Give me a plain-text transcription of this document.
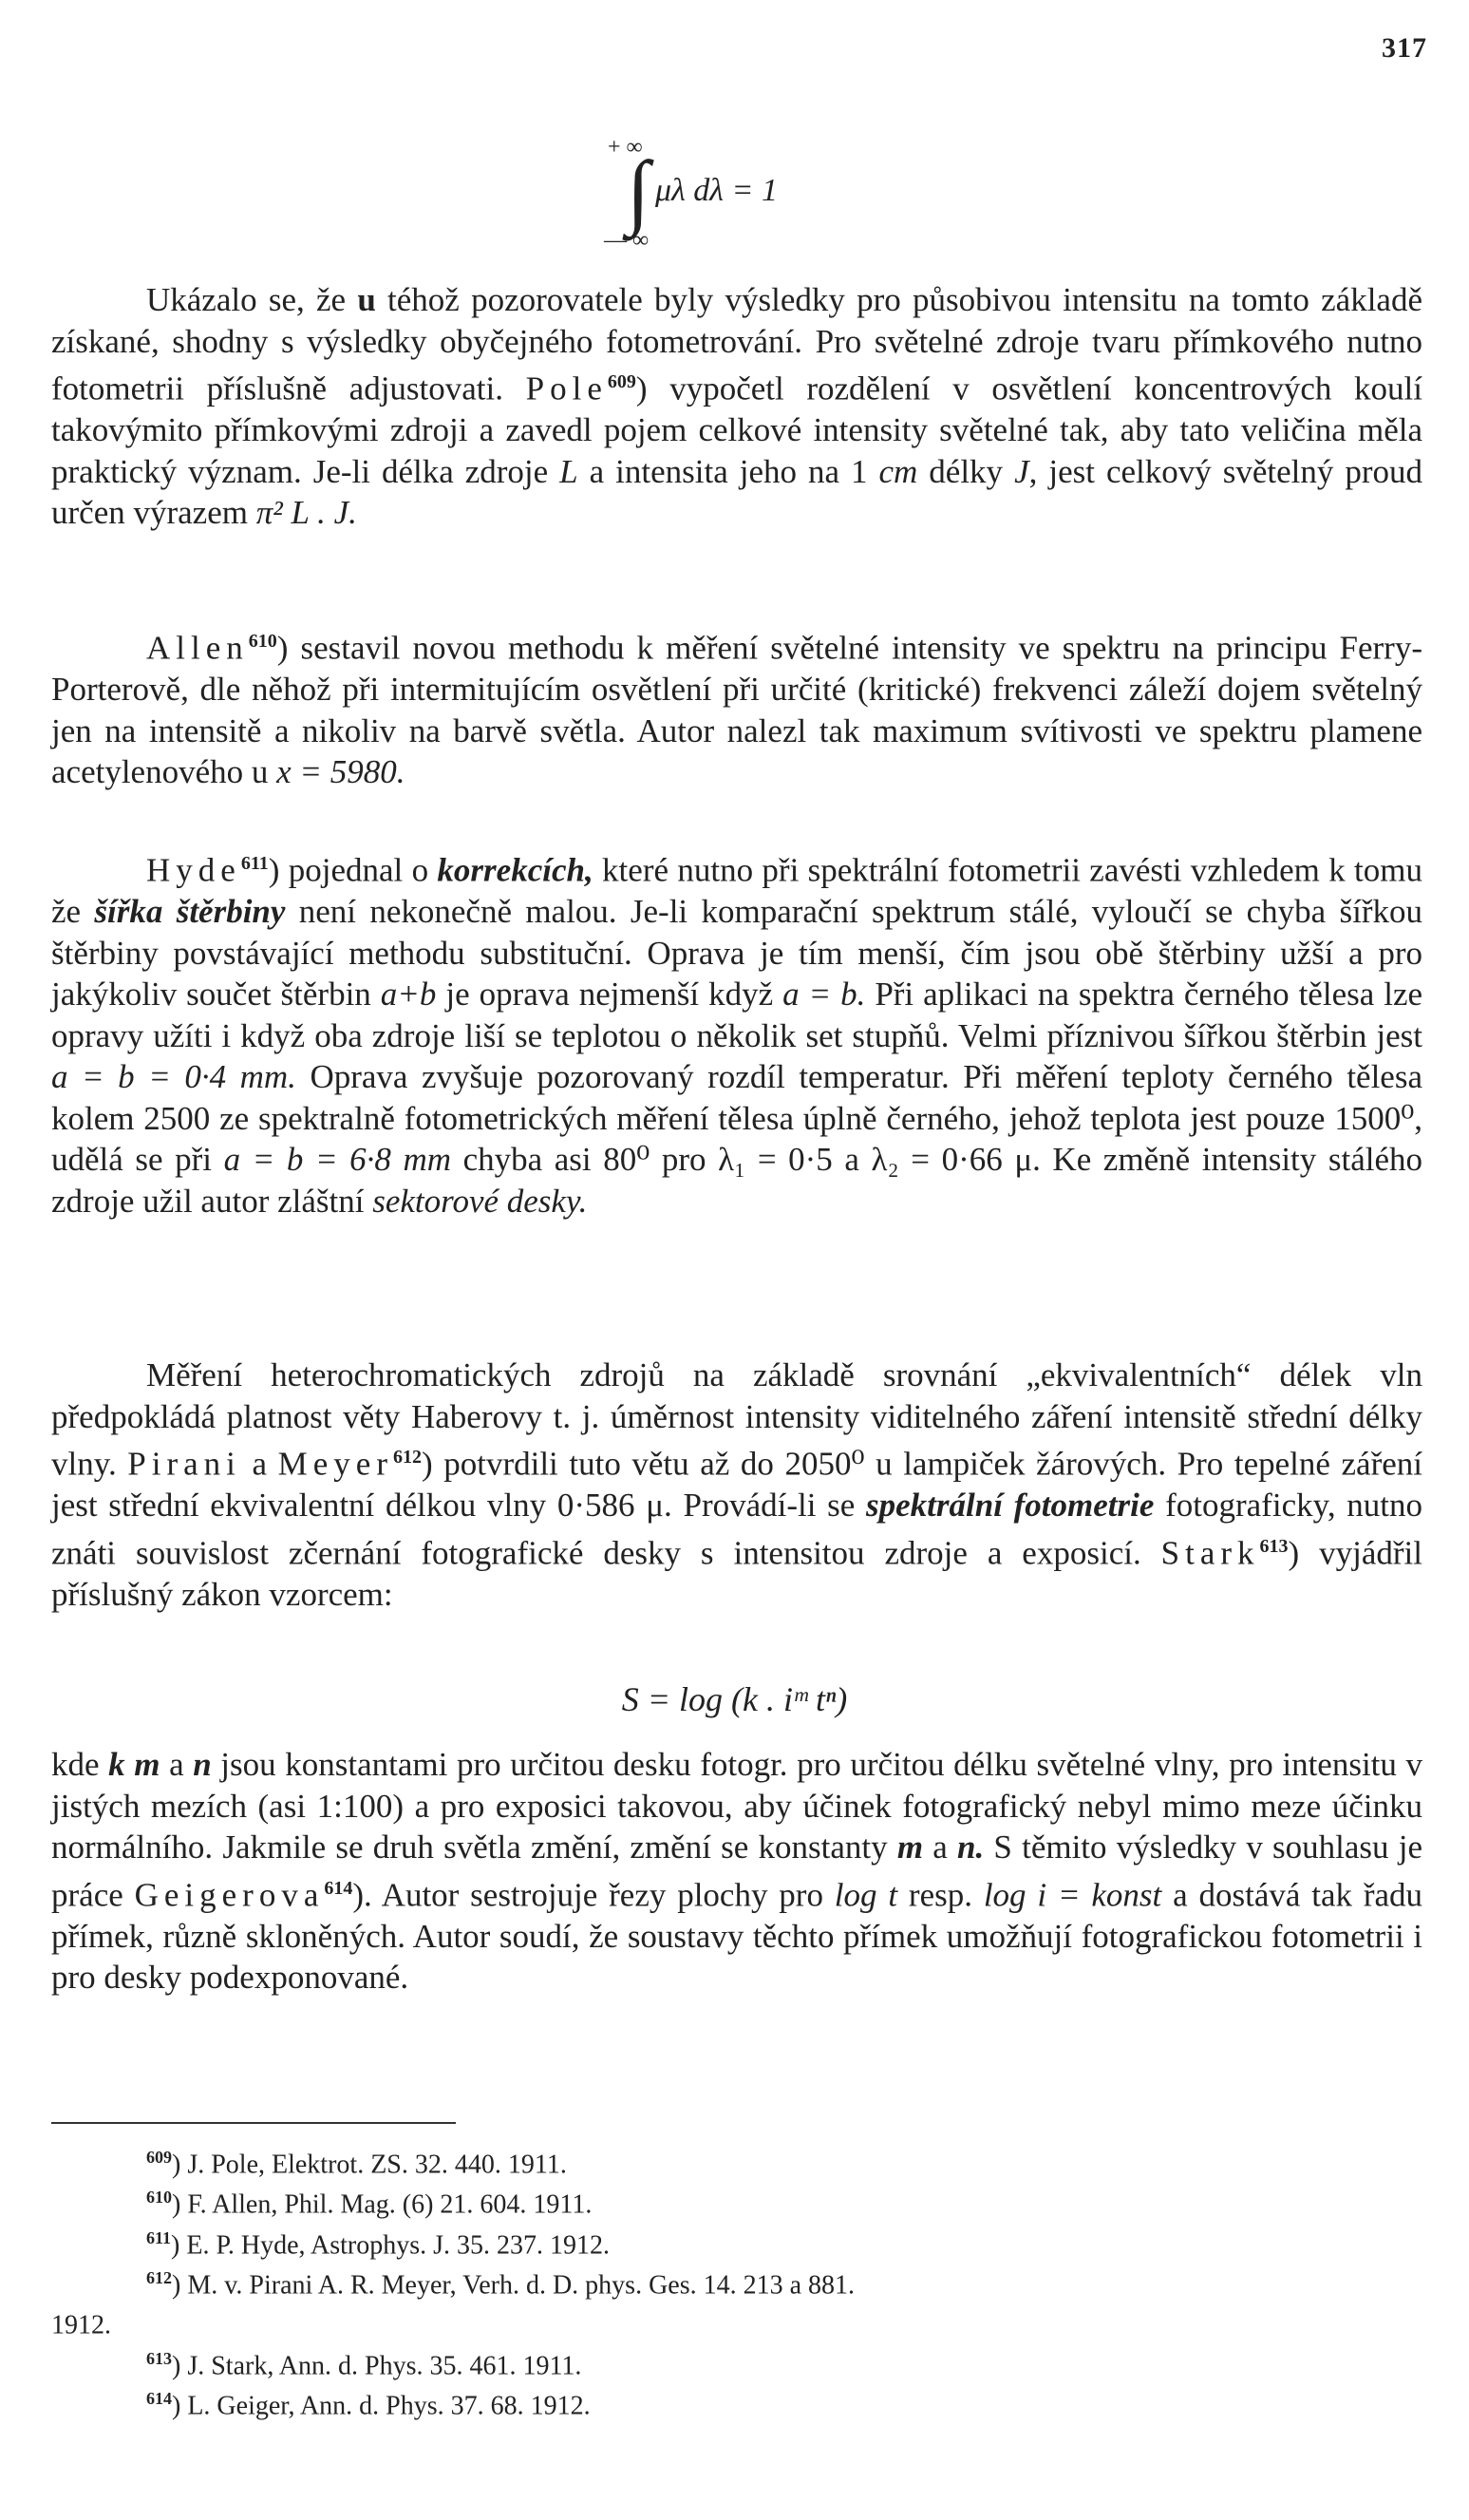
317
+ ∞
∫ μλ dλ = 1
— ∞

Ukázalo se, že u téhož pozorovatele byly výsledky pro působivou intensitu na tomto základě získané, shodny s výsledky obyčejného fotometrování. Pro světelné zdroje tvaru přímkového nutno fotometrii příslušně adjustovati. Pole$^{609}$) vypočetl rozdělení v osvětlení koncentrových koulí takovýmito přímkovými zdroji a zavedl pojem celkové intensity světelné tak, aby tato veličina měla praktický význam. Je-li délka zdroje L a intensita jeho na 1 cm délky J, jest celkový světelný proud určen výrazem π² L . J.

Allen$^{610}$) sestavil novou methodu k měření světelné intensity ve spektru na principu Ferry-Porterově, dle něhož při intermitujícím osvětlení při určité (kritické) frekvenci záleží dojem světelný jen na intensitě a nikoliv na barvě světla. Autor nalezl tak maximum svítivosti ve spektru plamene acetylenového u x = 5980.

Hyde$^{611}$) pojednal o korrekcích, které nutno při spektrální fotometrii zavésti vzhledem k tomu že šířka štěrbiny není nekonečně malou. Je-li komparační spektrum stálé, vyloučí se chyba šířkou štěrbiny povstávající methodu substituční. Oprava je tím menší, čím jsou obě štěrbiny užší a pro jakýkoliv součet štěrbin a+b je oprava nejmenší když a = b. Při aplikaci na spektra černého tělesa lze opravy užíti i když oba zdroje liší se teplotou o několik set stupňů. Velmi příznivou šířkou štěrbin jest a = b = 0·4 mm. Oprava zvyšuje pozorovaný rozdíl temperatur. Při měření teploty černého tělesa kolem 2500 ze spektralně fotometrických měření tělesa úplně černého, jehož teplota jest pouze 1500⁰, udělá se při a = b = 6·8 mm chyba asi 80⁰ pro λ₁ = 0·5 a λ₂ = 0·66 μ. Ke změně intensity stálého zdroje užil autor zláštní sektorové desky.

Měření heterochromatických zdrojů na základě srovnání „ekvivalentních“ délek vln předpokládá platnost věty Haberovy t. j. úměrnost intensity viditelného záření intensitě střední délky vlny. Pirani a Meyer$^{612}$) potvrdili tuto větu až do 2050⁰ u lampiček žárových. Pro tepelné záření jest střední ekvivalentní délkou vlny 0·586 μ. Provádí-li se spektrální fotometrie fotograficky, nutno znáti souvislost zčernání fotografické desky s intensitou zdroje a exposicí. Stark$^{613}$) vyjádřil příslušný zákon vzorcem:

S = log (k . iᵐ tⁿ)

kde k m a n jsou konstantami pro určitou desku fotogr. pro určitou délku světelné vlny, pro intensitu v jistých mezích (asi 1:100) a pro exposici takovou, aby účinek fotografický nebyl mimo meze účinku normálního. Jakmile se druh světla změní, změní se konstanty m a n. S těmito výsledky v souhlasu je práce Geigerova$^{614}$). Autor sestrojuje řezy plochy pro log t resp. log i = konst a dostává tak řadu přímek, různě skloněných. Autor soudí, že soustavy těchto přímek umožňují fotografickou fotometrii i pro desky podexponované.

$^{609}$) J. Pole, Elektrot. ZS. 32. 440. 1911.
$^{610}$) F. Allen, Phil. Mag. (6) 21. 604. 1911.
$^{611}$) E. P. Hyde, Astrophys. J. 35. 237. 1912.
$^{612}$) M. v. Pirani A. R. Meyer, Verh. d. D. phys. Ges. 14. 213 a 881.
1912.
$^{613}$) J. Stark, Ann. d. Phys. 35. 461. 1911.
$^{614}$) L. Geiger, Ann. d. Phys. 37. 68. 1912.
